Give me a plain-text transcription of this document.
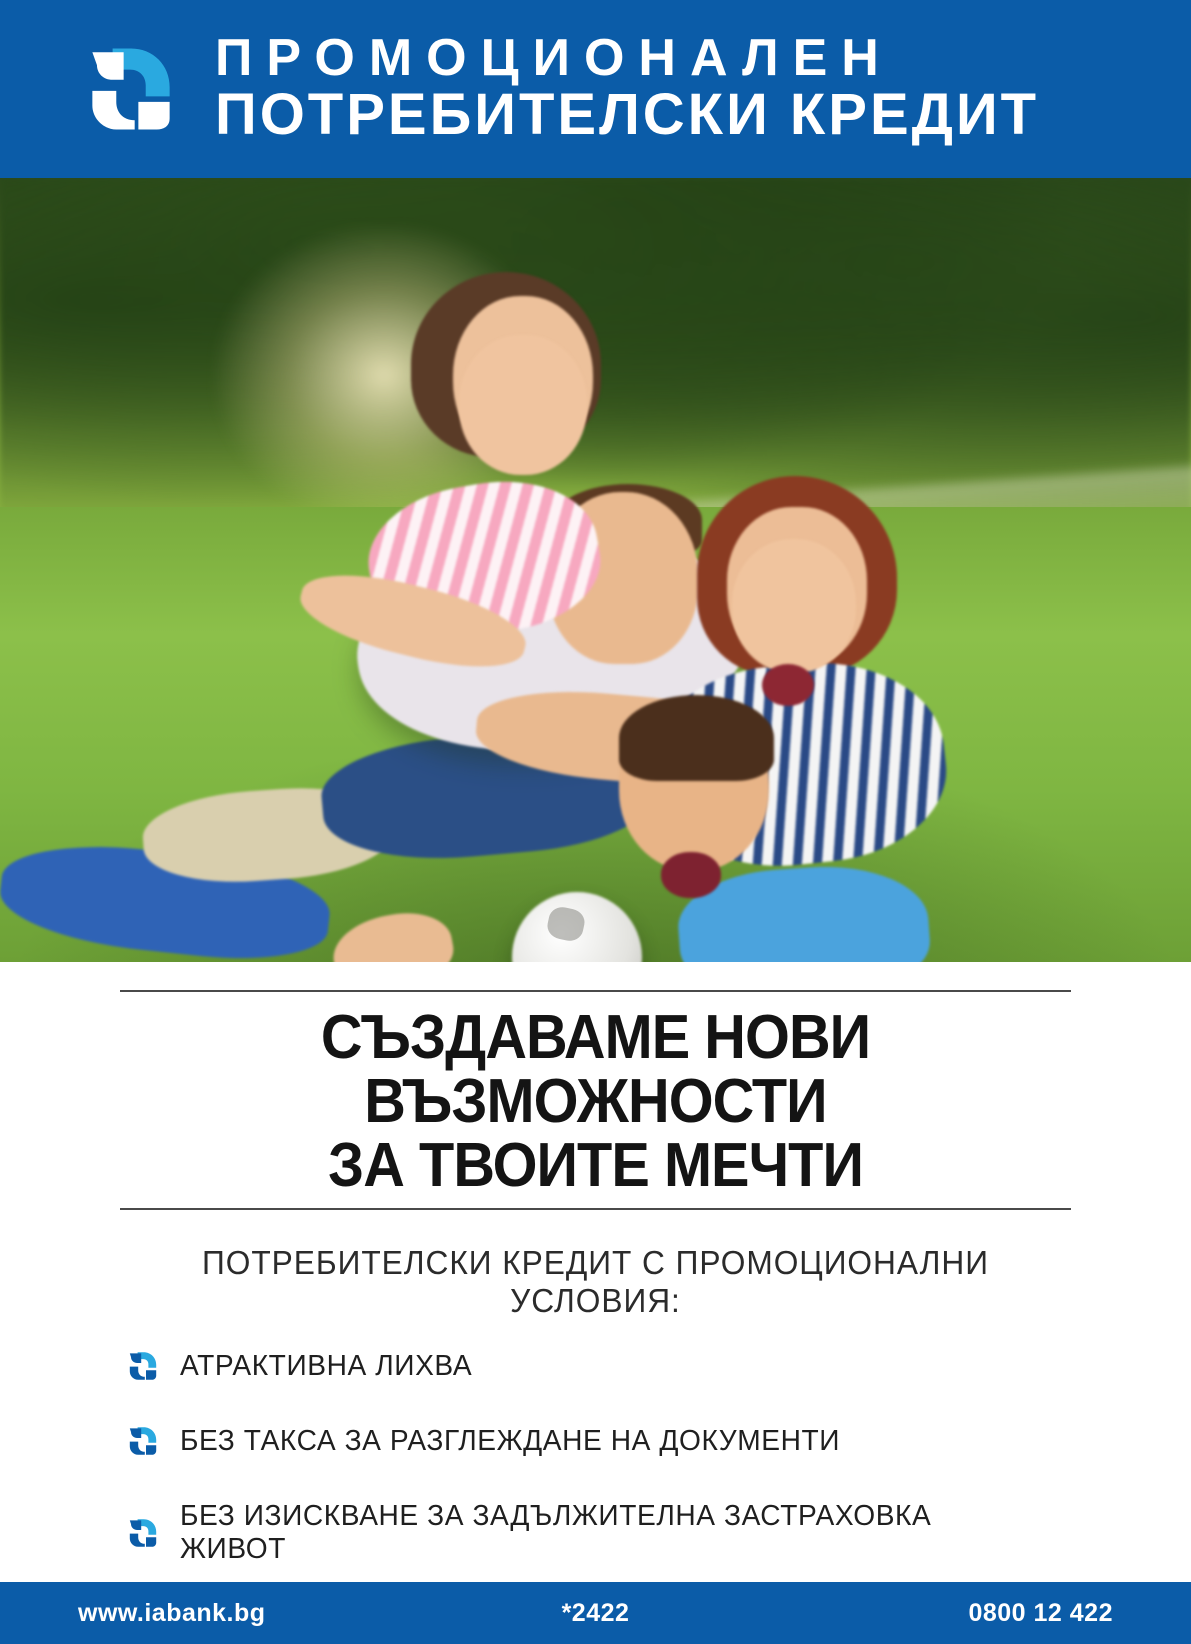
ПРОМОЦИОНАЛЕН
ПОТРЕБИТЕЛСКИ КРЕДИТ
СЪЗДАВАМЕ НОВИ ВЪЗМОЖНОСТИ
ЗА ТВОИТЕ МЕЧТИ
ПОТРЕБИТЕЛСКИ КРЕДИТ С ПРОМОЦИОНАЛНИ УСЛОВИЯ:
АТРАКТИВНА ЛИХВА
БЕЗ ТАКСА ЗА РАЗГЛЕЖДАНЕ НА ДОКУМЕНТИ
БЕЗ ИЗИСКВАНЕ ЗА ЗАДЪЛЖИТЕЛНА ЗАСТРАХОВКА ЖИВОТ
www.iabank.bg	*2422	0800 12 422
